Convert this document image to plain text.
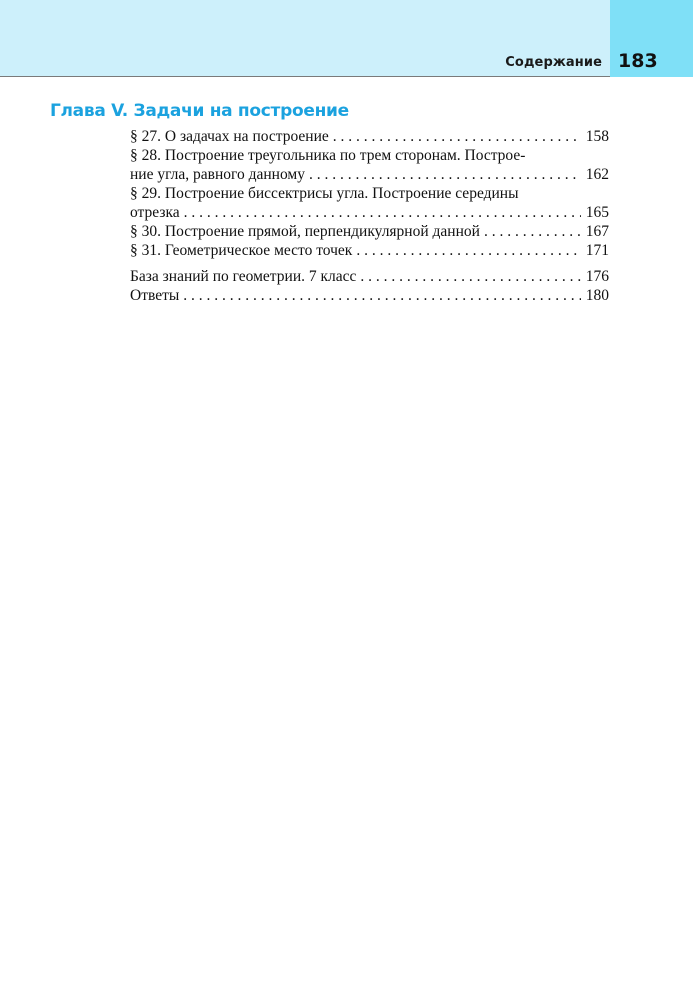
Содержание 183
Глава V. Задачи на построение
§ 27. О задачах на построение . . .	158
§ 28. Построение треугольника по трем сторонам. Построе-
ние угла, равного данному . . .	162
§ 29. Построение биссектрисы угла. Построение середины
отрезка . . .	165
§ 30. Построение прямой, перпендикулярной данной . . .	167
§ 31. Геометрическое место точек . . .	171
База знаний по геометрии. 7 класс . . .	176
Ответы . . .	180
